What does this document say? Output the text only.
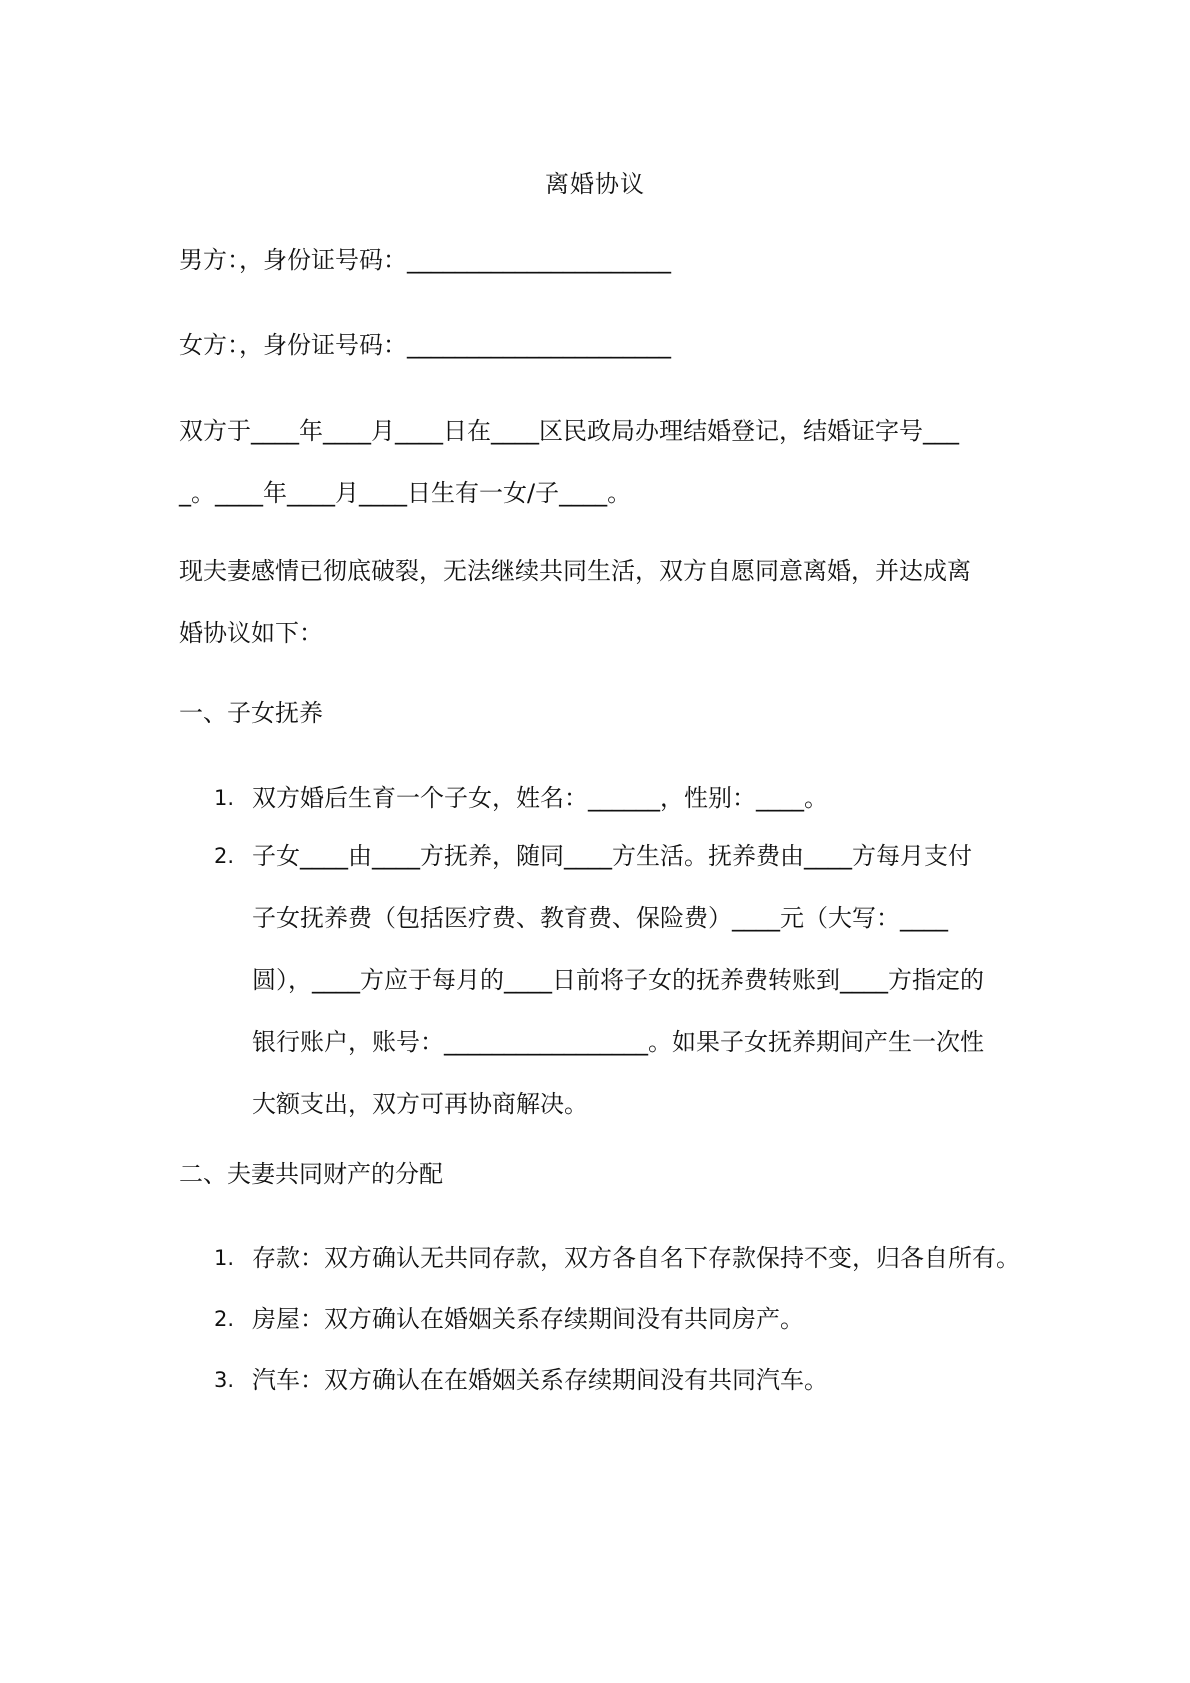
离婚协议
男方：，身份证号码：______________________
女方：，身份证号码：______________________
双方于____年____月____日在____区民政局办理结婚登记，结婚证字号____。____年____月____日生有一女/子____。
现夫妻感情已彻底破裂，无法继续共同生活，双方自愿同意离婚，并达成离婚协议如下：
一、子女抚养
1. 双方婚后生育一个子女，姓名：______，性别：____。
2. 子女____由____方抚养，随同____方生活。抚养费由____方每月支付子女抚养费（包括医疗费、教育费、保险费）____元（大写：____圆），____方应于每月的____日前将子女的抚养费转账到____方指定的银行账户，账号：_________________。如果子女抚养期间产生一次性大额支出，双方可再协商解决。
二、夫妻共同财产的分配
1. 存款：双方确认无共同存款，双方各自名下存款保持不变，归各自所有。
2. 房屋：双方确认在婚姻关系存续期间没有共同房产。
3. 汽车：双方确认在在婚姻关系存续期间没有共同汽车。
